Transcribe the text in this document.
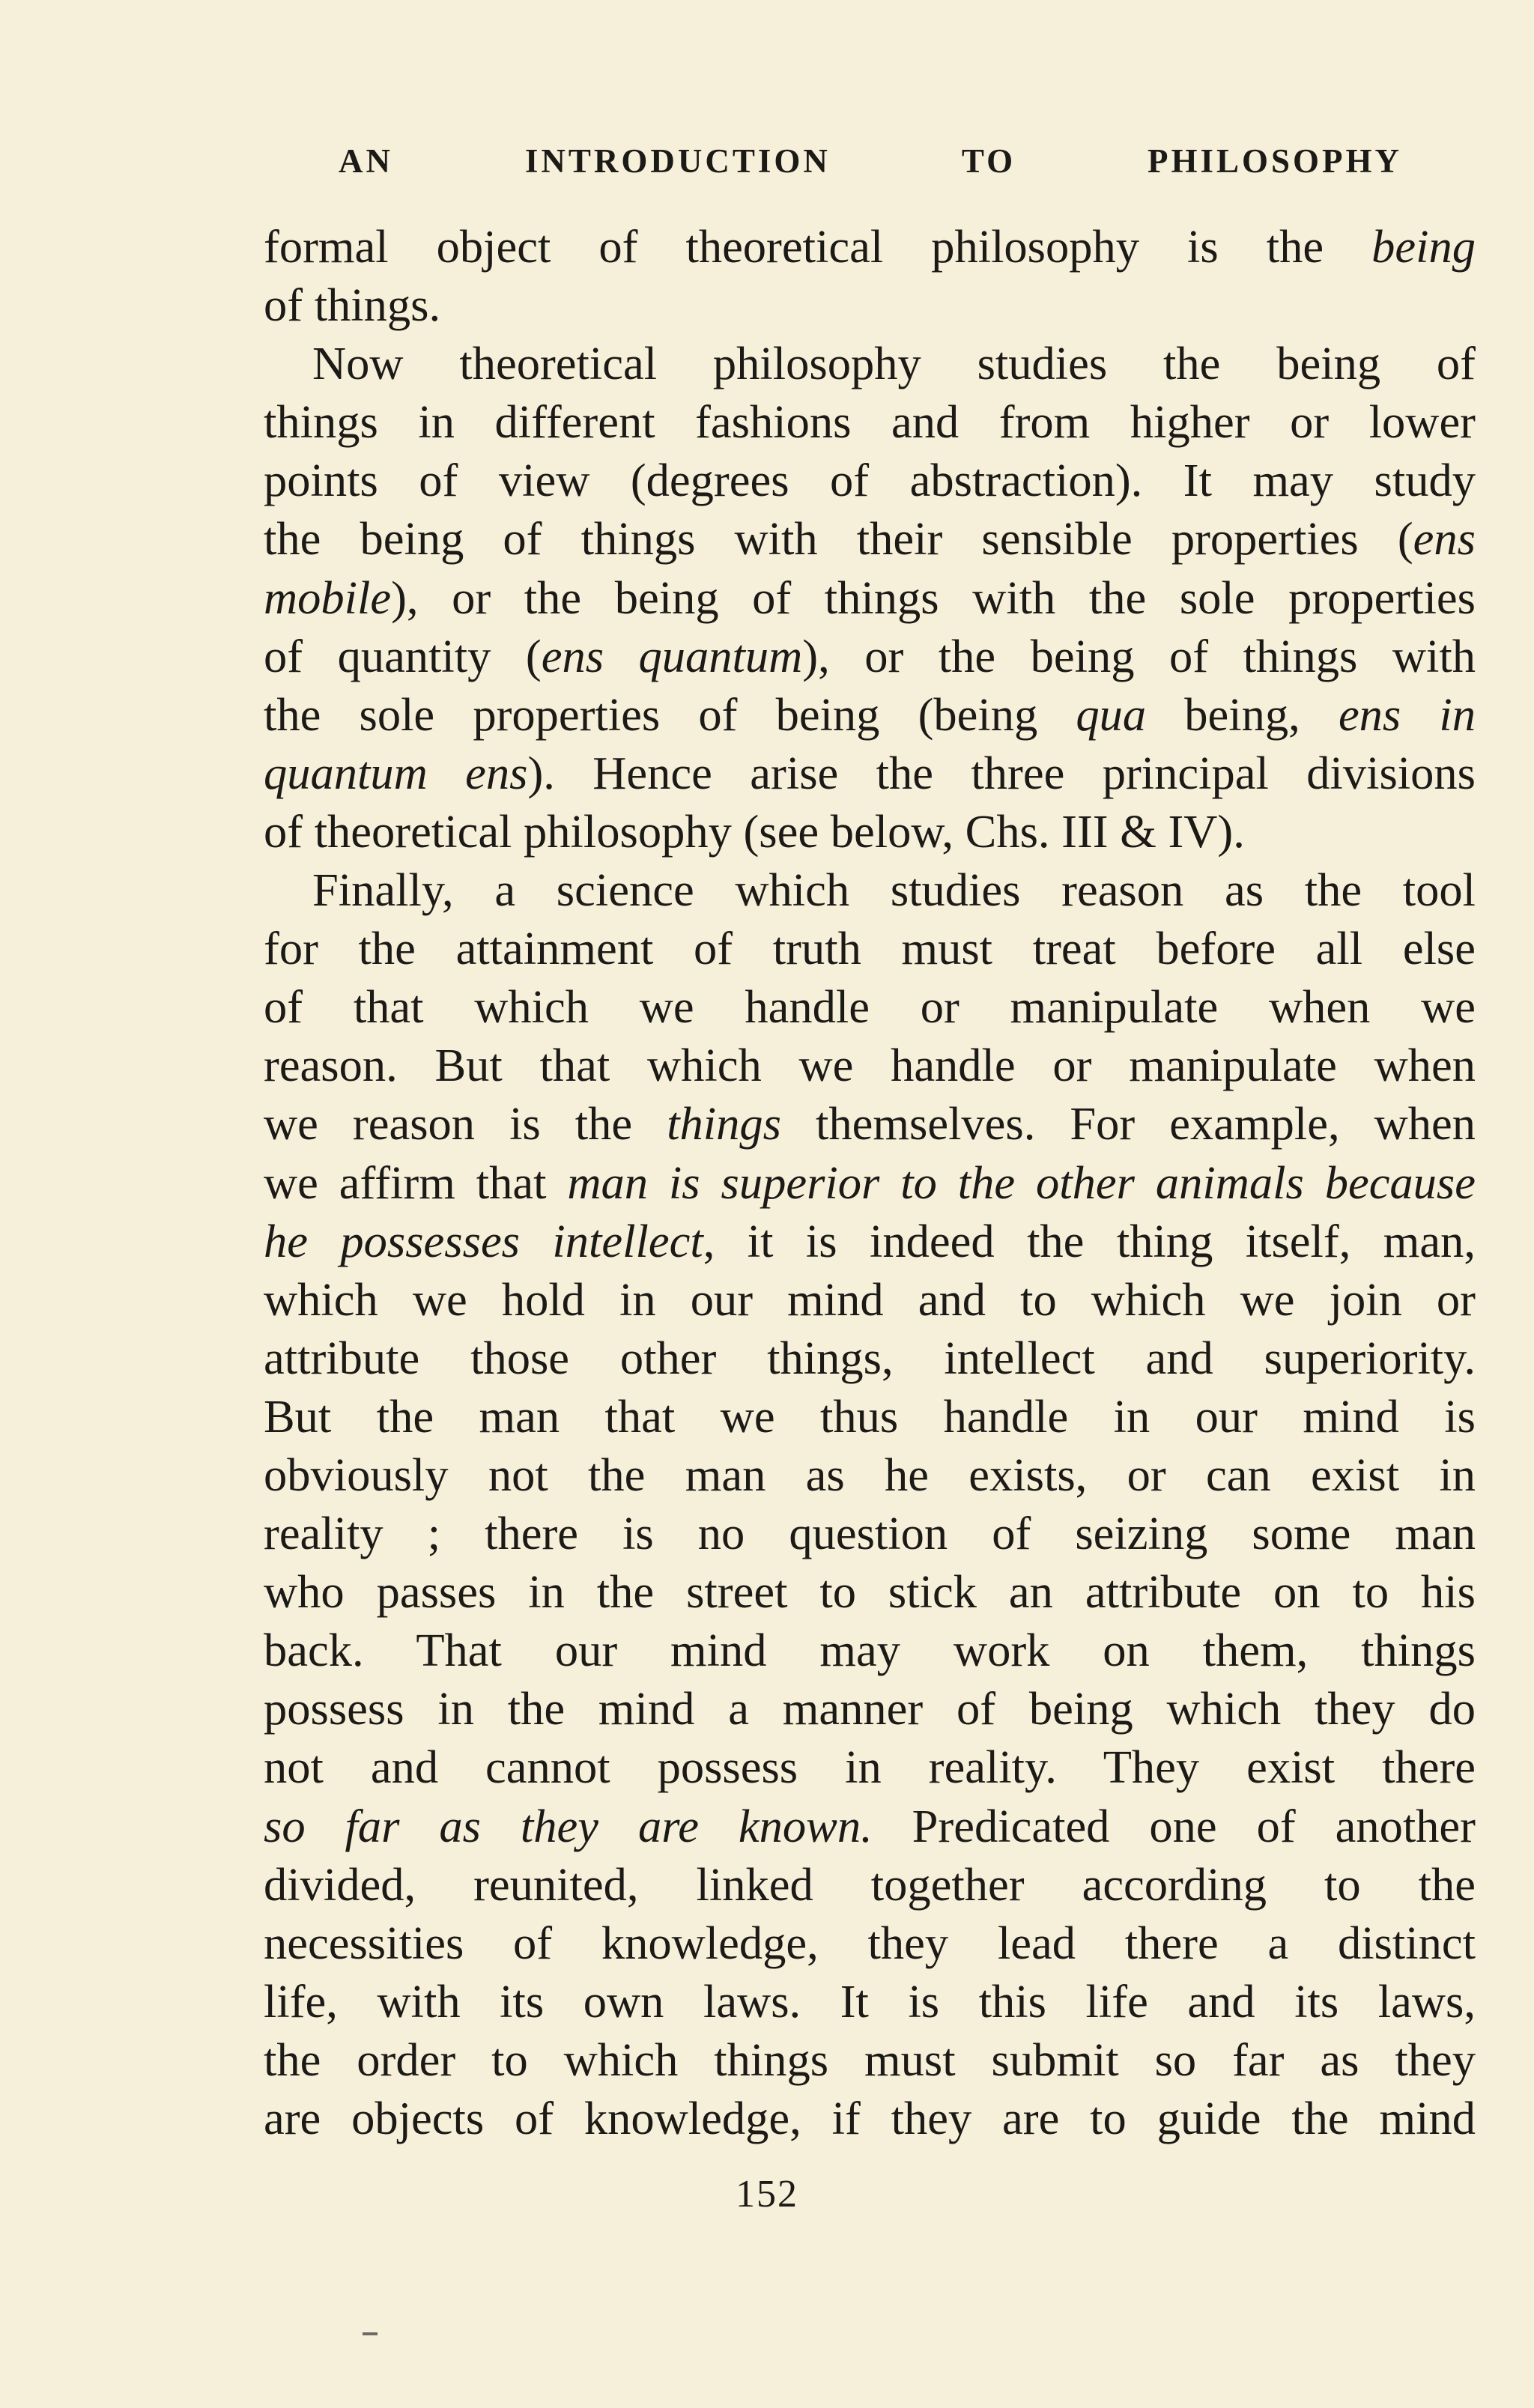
AN INTRODUCTION TO PHILOSOPHY
formal object of theoretical philosophy is the being
of things.
Now theoretical philosophy studies the being of
things in different fashions and from higher or lower
points of view (degrees of abstraction). It may study
the being of things with their sensible properties (ens
mobile), or the being of things with the sole properties
of quantity (ens quantum), or the being of things with
the sole properties of being (being qua being, ens in
quantum ens). Hence arise the three principal divisions
of theoretical philosophy (see below, Chs. III & IV).
Finally, a science which studies reason as the tool
for the attainment of truth must treat before all else
of that which we handle or manipulate when we
reason. But that which we handle or manipulate when
we reason is the things themselves. For example, when
we affirm that man is superior to the other animals because
he possesses intellect, it is indeed the thing itself, man,
which we hold in our mind and to which we join or
attribute those other things, intellect and superiority.
But the man that we thus handle in our mind is
obviously not the man as he exists, or can exist in
reality ; there is no question of seizing some man
who passes in the street to stick an attribute on to his
back. That our mind may work on them, things
possess in the mind a manner of being which they do
not and cannot possess in reality. They exist there
so far as they are known. Predicated one of another
divided, reunited, linked together according to the
necessities of knowledge, they lead there a distinct
life, with its own laws. It is this life and its laws,
the order to which things must submit so far as they
are objects of knowledge, if they are to guide the mind
152
